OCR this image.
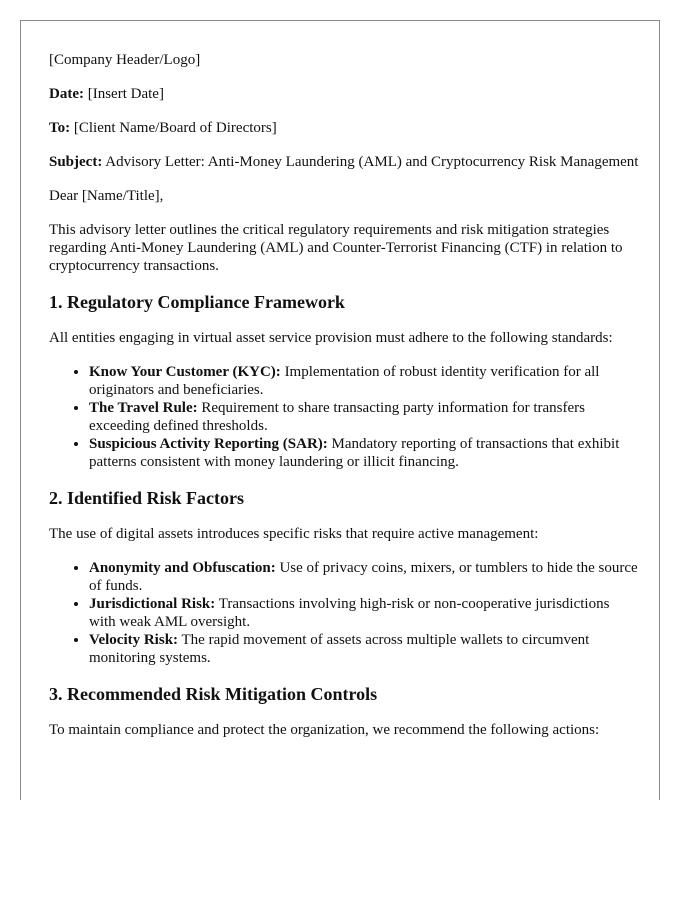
[Company Header/Logo]

Date: [Insert Date]

To: [Client Name/Board of Directors]

Subject: Advisory Letter: Anti-Money Laundering (AML) and Cryptocurrency Risk Management

Dear [Name/Title],

This advisory letter outlines the critical regulatory requirements and risk mitigation strategies regarding Anti-Money Laundering (AML) and Counter-Terrorist Financing (CTF) in relation to cryptocurrency transactions.

1. Regulatory Compliance Framework

All entities engaging in virtual asset service provision must adhere to the following standards:

• Know Your Customer (KYC): Implementation of robust identity verification for all originators and beneficiaries.
• The Travel Rule: Requirement to share transacting party information for transfers exceeding defined thresholds.
• Suspicious Activity Reporting (SAR): Mandatory reporting of transactions that exhibit patterns consistent with money laundering or illicit financing.
2. Identified Risk Factors

The use of digital assets introduces specific risks that require active management:

• Anonymity and Obfuscation: Use of privacy coins, mixers, or tumblers to hide the source of funds.
• Jurisdictional Risk: Transactions involving high-risk or non-cooperative jurisdictions with weak AML oversight.
• Velocity Risk: The rapid movement of assets across multiple wallets to circumvent monitoring systems.
3. Recommended Risk Mitigation Controls

To maintain compliance and protect the organization, we recommend the following actions:
